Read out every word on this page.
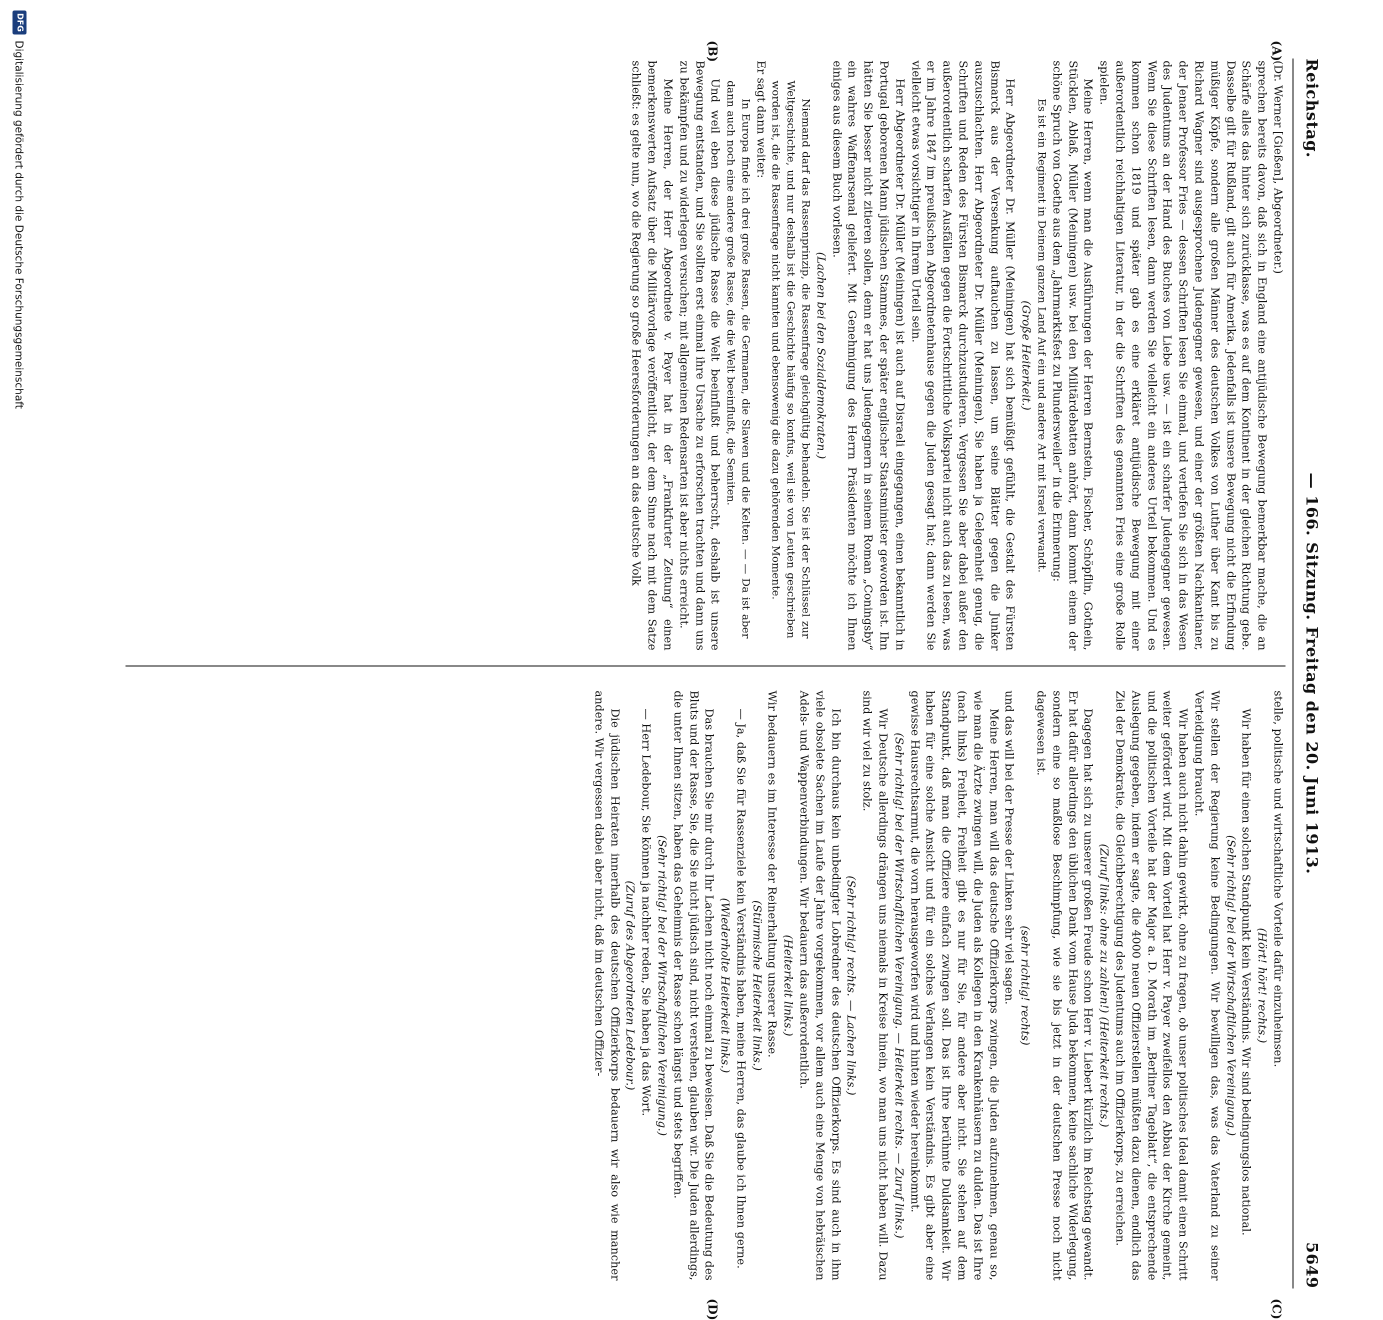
Reichstag.
— 166. Sitzung. Freitag den 20. Juni 1913.
5649
(A)
(B)
(C)
(D)

(Dr. Werner [Gießen], Abgeordneter.)

sprechen bereits davon, daß sich in England eine antijüdische Bewegung bemerkbar mache, die an Schärfe alles das hinter sich zurücklasse, was es auf dem Kontinent in der gleichen Richtung gebe. Dasselbe gilt für Rußland, gilt auch für Amerika. Jedenfalls ist unsere Bewegung nicht die Erfindung müßiger Köpfe, sondern alle großen Männer des deutschen Volkes von Luther über Kant bis zu Richard Wagner sind ausgesprochene Judengegner gewesen, und einer der größten Nachkantianer, der Jenaer Professor Fries — dessen Schriften lesen Sie einmal, und vertiefen Sie sich in das Wesen des Judentums an der Hand des Buches von Liebe usw. — ist ein scharfer Judengegner gewesen. Wenn Sie diese Schriften lesen, dann werden Sie vielleicht ein anderes Urteil bekommen. Und es kommen schon 1819 und später gab es eine erkläret antijüdische Bewegung mit einer außerordentlich reichhaltigen Literatur, in der die Schriften des genannten Fries eine große Rolle spielen.

Meine Herren, wenn man die Ausführungen der Herren Bernstein, Fischer, Schöpflin, Gothein, Stücklen, Ablaß, Müller (Meiningen) usw. bei den Militärdebatten anhört, dann kommt einem der schöne Spruch von Goethe aus dem „Jahrmarktsfest zu Plundersweiler“ in die Erinnerung:

Es ist ein Regiment in Deinem ganzen Land Auf ein und andere Art mit Israel verwandt.

(Große Heiterkeit.)

Herr Abgeordneter Dr. Müller (Meiningen) hat sich bemüßigt gefühlt, die Gestalt des Fürsten Bismarck aus der Versenkung auftauchen zu lassen, um seine Blätter gegen die Junker auszuschlachten. Herr Abgeordneter Dr. Müller (Meiningen), Sie haben ja Gelegenheit genug, die Schriften und Reden des Fürsten Bismarck durchzustudieren. Vergessen Sie aber dabei außer den außerordentlich scharfen Ausfällen gegen die Fortschrittliche Volkspartei nicht auch das zu lesen, was er im Jahre 1847 im preußischen Abgeordnetenhause gegen die Juden gesagt hat; dann werden Sie vielleicht etwas vorsichtiger in Ihrem Urteil sein.

Herr Abgeordneter Dr. Müller (Meiningen) ist auch auf Disraeli eingegangen, einen bekanntlich in Portugal geborenen Mann jüdischen Stammes, der später englischer Staatsminister geworden ist. Ihn hätten Sie besser nicht zitieren sollen, denn er hat uns Judengegnern in seinem Roman „Coningsby“ ein wahres Waffenarsenal geliefert. Mit Genehmigung des Herrn Präsidenten möchte ich Ihnen einiges aus diesem Buch vorlesen.

(Lachen bei den Sozialdemokraten.)

Niemand darf das Rassenprinzip, die Rassenfrage gleichgültig behandeln. Sie ist der Schlüssel zur Weltgeschichte, und nur deshalb ist die Geschichte häufig so konfus, weil sie von Leuten geschrieben worden ist, die die Rassenfrage nicht kannten und ebensowenig die dazu gehörenden Momente.

Er sagt dann weiter:

In Europa finde ich drei große Rassen, die Germanen, die Slawen und die Kelten. — — Da ist aber dann auch noch eine andere große Rasse, die die Welt beeinflußt, die Semiten.

Und weil eben diese jüdische Rasse die Welt beeinflußt und beherrscht, deshalb ist unsere Bewegung entstanden, und Sie sollten erst einmal ihre Ursache zu erforschen trachten und dann uns zu bekämpfen und zu widerlegen versuchen; mit allgemeinen Redensarten ist aber nichts erreicht.

Meine Herren, der Herr Abgeordnete v. Payer hat in der „Frankfurter Zeitung“ einen bemerkenswerten Aufsatz über die Militärvorlage veröffentlicht, der dem Sinne nach mit dem Satze schließt: es gelte nun, wo die Regierung so große Heeresforderungen an das deutsche Volk

stelle, politische und wirtschaftliche Vorteile dafür einzuheimsen.

(Hört! hört! rechts.)

Wir haben für einen solchen Standpunkt kein Verständnis. Wir sind bedingungslos national.

(Sehr richtig! bei der Wirtschaftlichen Vereinigung.)

Wir stellen der Regierung keine Bedingungen. Wir bewilligen das, was das Vaterland zu seiner Verteidigung braucht.

Wir haben auch nicht dahin gewirkt, ohne zu fragen, ob unser politisches Ideal damit einen Schritt weiter gefördert wird. Mit dem Vorteil hat Herr v. Payer zweifellos den Abbau der Kirche gemeint, und die politischen Vorteile hat der Major a. D. Morath im „Berliner Tageblatt“, die entsprechende Auslegung gegeben, indem er sagte, die 4000 neuen Offizierstellen müßten dazu dienen, endlich das Ziel der Demokratie, die Gleichberechtigung des Judentums auch im Offizierkorps, zu erreichen.

(Zuruf links: ohne zu zahlen!) (Heiterkeit rechts.)

Dagegen hat sich zu unserer großen Freude schon Herr v. Liebert kürzlich im Reichstag gewandt. Er hat dafür allerdings den üblichen Dank vom Hause Juda bekommen, keine sachliche Widerlegung, sondern eine so maßlose Beschimpfung, wie sie bis jetzt in der deutschen Presse noch nicht dagewesen ist.

(sehr richtig! rechts)

und das will bei der Presse der Linken sehr viel sagen.

Meine Herren, man will das deutsche Offizierkorps zwingen, die Juden aufzunehmen, genau so, wie man die Ärzte zwingen will, die Juden als Kollegen in den Krankenhäusern zu dulden. Das ist Ihre (nach links) Freiheit, Freiheit gibt es nur für Sie, für andere aber nicht. Sie stehen auf dem Standpunkt, daß man die Offiziere einfach zwingen soll. Das ist Ihre berühmte Duldsamkeit. Wir haben für eine solche Ansicht und für ein solches Verlangen kein Verständnis. Es gibt aber eine gewisse Hausrechtsarmut, die vorn herausgeworfen wird und hinten wieder hereinkommt.

(Sehr richtig! bei der Wirtschaftlichen Vereinigung. — Heiterkeit rechts. — Zuruf links.)

Wir Deutsche allerdings drängen uns niemals in Kreise hinein, wo man uns nicht haben will. Dazu sind wir viel zu stolz.

(Sehr richtig! rechts. — Lachen links.)

Ich bin durchaus kein unbedingter Lobredner des deutschen Offizierkorps. Es sind auch in ihm viele obsolete Sachen im Laufe der Jahre vorgekommen, vor allem auch eine Menge von hebräischen Adels- und Wappenverbindungen. Wir bedauern das außerordentlich.

(Heiterkeit links.)

Wir bedauern es im Interesse der Reinerhaltung unserer Rasse.

(Stürmische Heiterkeit links.)

— Ja, daß Sie für Rassenziele kein Verständnis haben, meine Herren, das glaube ich Ihnen gerne.

(Wiederholte Heiterkeit links.)

Das brauchen Sie mir durch Ihr Lachen nicht noch einmal zu beweisen. Daß Sie die Bedeutung des Bluts und der Rasse, Sie, die Sie nicht jüdisch sind, nicht verstehen, glauben wir. Die Juden allerdings, die unter Ihnen sitzen, haben das Geheimnis der Rasse schon längst und stets begriffen.

(Sehr richtig! bei der Wirtschaftlichen Vereinigung.)

— Herr Ledebour, Sie können ja nachher reden, Sie haben ja das Wort.

(Zuruf des Abgeordneten Ledebour.)

Die jüdischen Heiraten innerhalb des deutschen Offizierkorps bedauern wir also wie mancher andere. Wir vergessen dabei aber nicht, daß im deutschen Offizier-

DFG
Digitalisierung gefördert durch die Deutsche Forschungsgemeinschaft
